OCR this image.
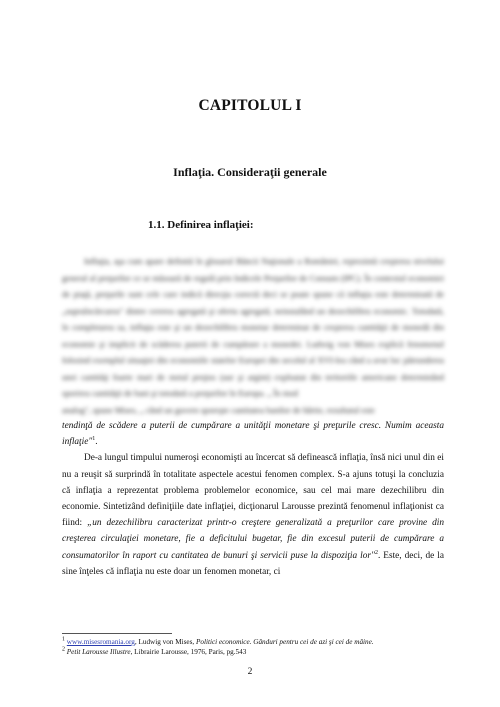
CAPITOLUL I
Inflaţia. Consideraţii generale
1.1. Definirea inflaţiei:

Inflaţia, aşa cum apare definită în glosarul Băncii Naţionale a României, reprezintă creşterea nivelului general al preţurilor ce se măsoară de regulă prin Indicele Preţurilor de Consum (IPC). În contextul economiei de piaţă, preţurile sunt cele care indică direcţia corectă deci se poate spune că inflaţia este determinată de „supraîncărcarea" dintre cererea agregată şi oferta agregată, neinstalând un dezechilibru economic. Totodată, în completarea sa, inflaţia este şi un dezechilibru monetar determinat de creşterea cantităţii de monedă din economie şi implicit de scăderea puterii de cumpărare a monedei. Ludwig von Mises explică fenomenul folosind exemplul situaţiei din economiile statelor Europei din secolul al XVI-lea când a avut loc pătrunderea unei cantităţi foarte mari de metal preţios (aur şi argint) exploatat din teritoriile americane determinând sporirea cantităţii de bani şi totodată a preţurilor în Europa. „ În mod

analog", spune Mises, „ când un guvern sporeşte cantitatea banilor de hârtie, rezultatul este

tendinţă de scădere a puterii de cumpărare a unităţii monetare şi preţurile cresc. Numim aceasta inflaţie"$^1$.

De-a lungul timpului numeroşi economişti au încercat să definească inflaţia, însă nici unul din ei nu a reuşit să surprindă în totalitate aspectele acestui fenomen complex. S-a ajuns totuşi la concluzia că inflaţia a reprezentat problema problemelor economice, sau cel mai mare dezechilibru din economie. Sintetizând definiţiile date inflaţiei, dicţionarul Larousse prezintă fenomenul inflaţionist ca fiind: „un dezechilibru caracterizat printr-o creştere generalizată a preţurilor care provine din creşterea circulaţiei monetare, fie a deficitului bugetar, fie din excesul puterii de cumpărare a consumatorilor în raport cu cantitatea de bunuri şi servicii puse la dispoziţia lor"$^2$. Este, deci, de la sine înţeles că inflaţia nu este doar un fenomen monetar, ci

$^1$ www.misesromania.org, Ludwig von Mises, Politici economice. Gânduri pentru cei de azi şi cei de mâine.
$^2$ Petit Larousse Illustre, Librairie Larousse, 1976, Paris, pg.543
2
